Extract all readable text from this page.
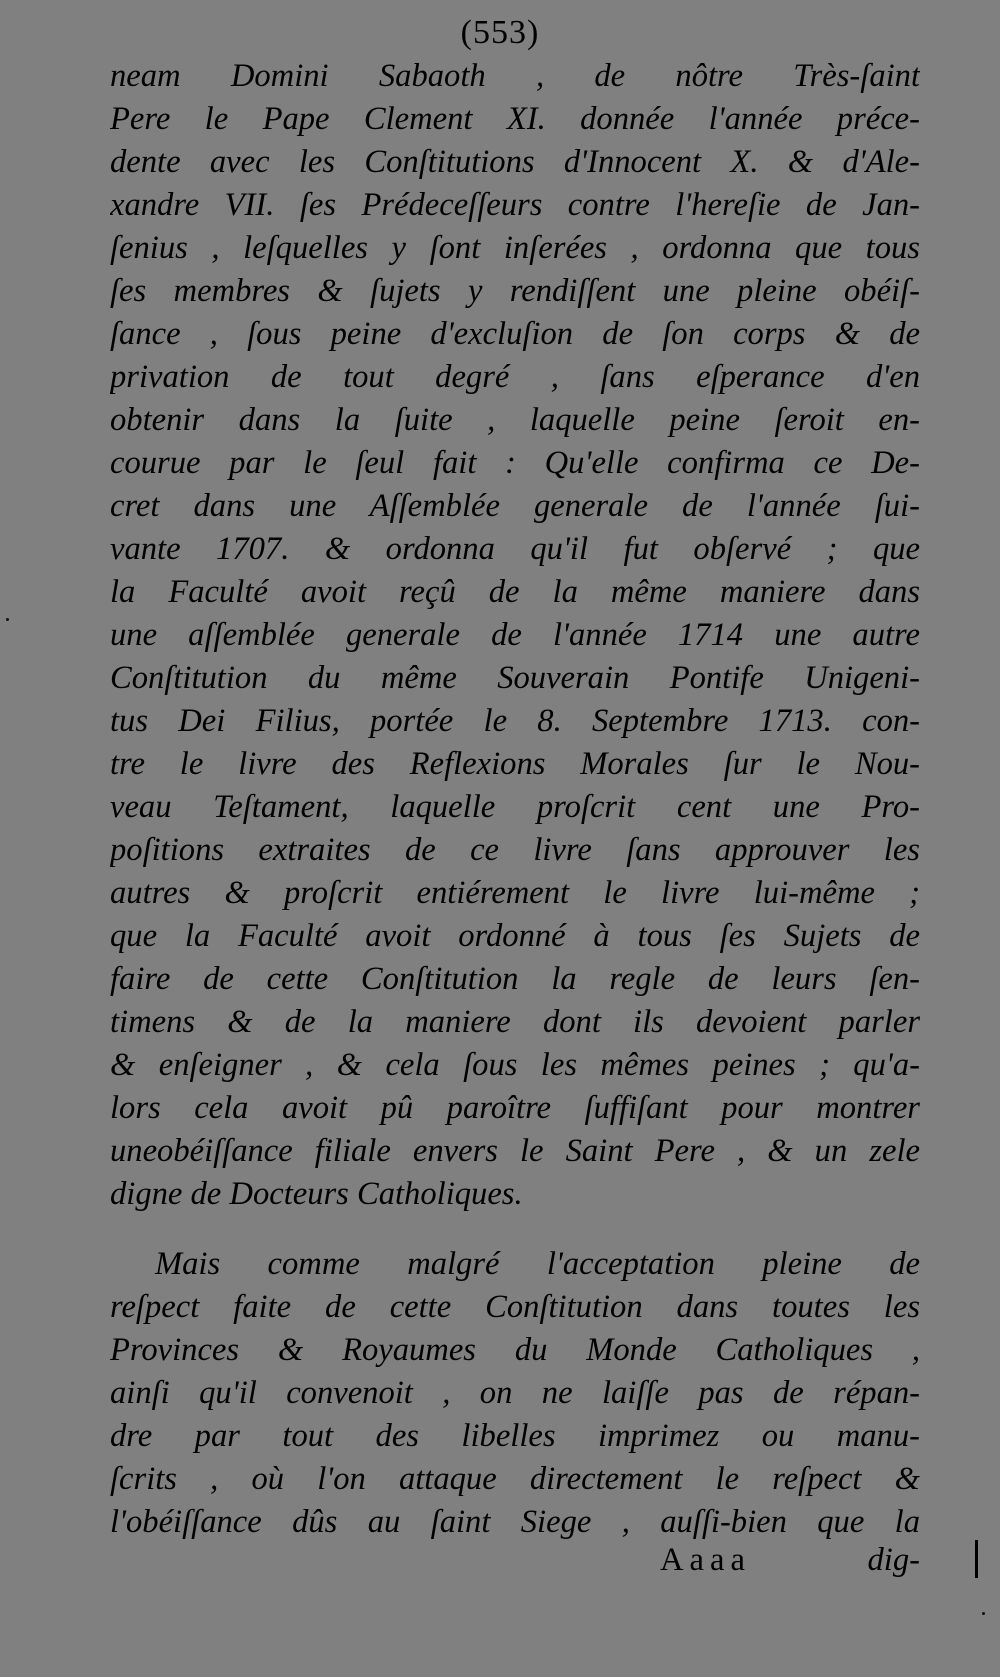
(553)
neam Domini Sabaoth , de nôtre Très-ſaint
Pere le Pape Clement XI. donnée l'année préce-
dente avec les Conſtitutions d'Innocent X. & d'Ale-
xandre VII. ſes Prédeceſſeurs contre l'hereſie de Jan-
ſenius , leſquelles y ſont inſerées , ordonna que tous
ſes membres & ſujets y rendiſſent une pleine obéiſ-
ſance , ſous peine d'excluſion de ſon corps & de
privation de tout degré , ſans eſperance d'en
obtenir dans la ſuite , laquelle peine ſeroit en-
courue par le ſeul fait : Qu'elle confirma ce De-
cret dans une Aſſemblée generale de l'année ſui-
vante 1707. & ordonna qu'il fut obſervé ; que
la Faculté avoit reçû de la même maniere dans
une aſſemblée generale de l'année 1714 une autre
Conſtitution du même Souverain Pontife Unigeni-
tus Dei Filius, portée le 8. Septembre 1713. con-
tre le livre des Reflexions Morales ſur le Nou-
veau Teſtament, laquelle proſcrit cent une Pro-
poſitions extraites de ce livre ſans approuver les
autres & proſcrit entiérement le livre lui-même ;
que la Faculté avoit ordonné à tous ſes Sujets de
faire de cette Conſtitution la regle de leurs ſen-
timens & de la maniere dont ils devoient parler
& enſeigner , & cela ſous les mêmes peines ; qu'a-
lors cela avoit pû paroître ſuffiſant pour montrer
uneobéiſſance filiale envers le Saint Pere , & un zele
digne de Docteurs Catholiques.
Mais comme malgré l'acceptation pleine de
reſpect faite de cette Conſtitution dans toutes les
Provinces & Royaumes du Monde Catholiques ,
ainſi qu'il convenoit , on ne laiſſe pas de répan-
dre par tout des libelles imprimez ou manu-
ſcrits , où l'on attaque directement le reſpect &
l'obéiſſance dûs au ſaint Siege , auſſi-bien que la
Aaaa	dig-
